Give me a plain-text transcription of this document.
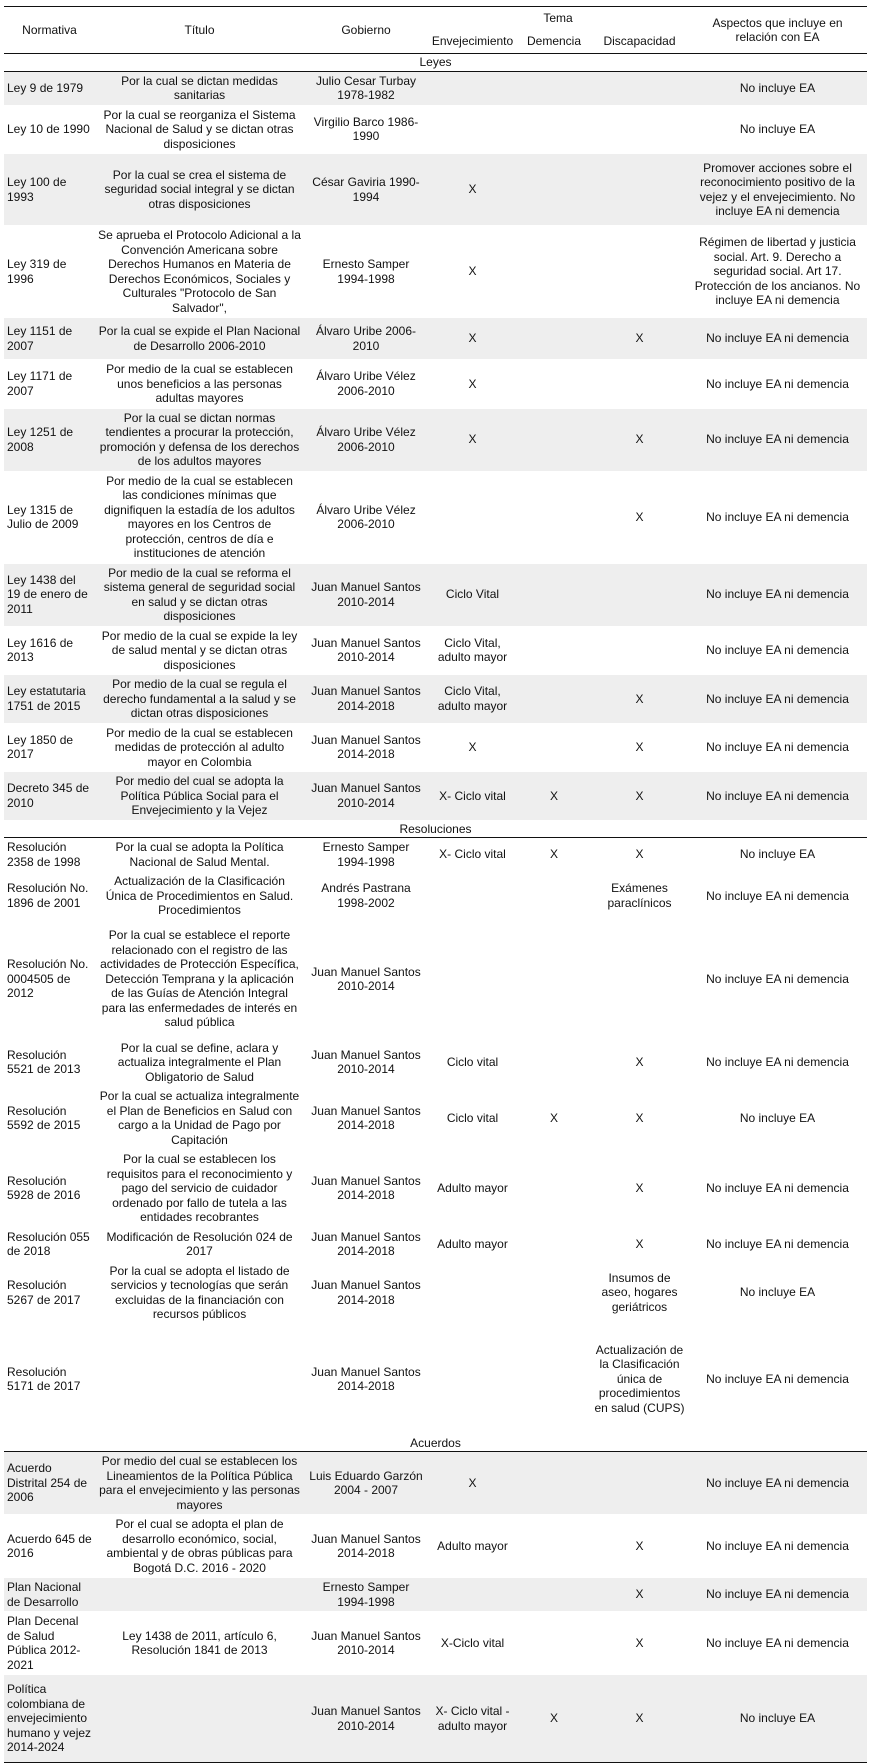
Normativa	Título	Gobierno	Tema			Aspectos que incluye en relación con EA
			Envejecimiento	Demencia	Discapacidad	
Leyes						
Ley 9 de 1979	Por la cual se dictan medidas sanitarias	Julio Cesar Turbay 1978-1982				No incluye EA
Ley 10 de 1990	Por la cual se reorganiza el Sistema Nacional de Salud y se dictan otras disposiciones	Virgilio Barco 1986-1990				No incluye EA
Ley 100 de 1993	Por la cual se crea el sistema de seguridad social integral y se dictan otras disposiciones	César Gaviria 1990-1994	X			Promover acciones sobre el reconocimiento positivo de la vejez y el envejecimiento. No incluye EA ni demencia
Ley 319 de 1996	Se aprueba el Protocolo Adicional a la Convención Americana sobre Derechos Humanos en Materia de Derechos Económicos, Sociales y Culturales "Protocolo de San Salvador",	Ernesto Samper 1994-1998	X			Régimen de libertad y justicia social. Art. 9. Derecho a seguridad social. Art 17. Protección de los ancianos. No incluye EA ni demencia
Ley 1151 de 2007	Por la cual se expide el Plan Nacional de Desarrollo 2006-2010	Álvaro Uribe 2006-2010	X		X	No incluye EA ni demencia
Ley 1171 de 2007	Por medio de la cual se establecen unos beneficios a las personas adultas mayores	Álvaro Uribe Vélez 2006-2010	X			No incluye EA ni demencia
Ley 1251 de 2008	Por la cual se dictan normas tendientes a procurar la protección, promoción y defensa de los derechos de los adultos mayores	Álvaro Uribe Vélez 2006-2010	X		X	No incluye EA ni demencia
Ley 1315 de Julio de 2009	Por medio de la cual se establecen las condiciones mínimas que dignifiquen la estadía de los adultos mayores en los Centros de protección, centros de día e instituciones de atención	Álvaro Uribe Vélez 2006-2010			X	No incluye EA ni demencia
Ley 1438 del 19 de enero de 2011	Por medio de la cual se reforma el sistema general de seguridad social en salud y se dictan otras disposiciones	Juan Manuel Santos 2010-2014	Ciclo Vital			No incluye EA ni demencia
Ley 1616 de 2013	Por medio de la cual se expide la ley de salud mental y se dictan otras disposiciones	Juan Manuel Santos 2010-2014	Ciclo Vital, adulto mayor			No incluye EA ni demencia
Ley estatutaria 1751 de 2015	Por medio de la cual se regula el derecho fundamental a la salud y se dictan otras disposiciones	Juan Manuel Santos 2014-2018	Ciclo Vital, adulto mayor		X	No incluye EA ni demencia
Ley 1850 de 2017	Por medio de la cual se establecen medidas de protección al adulto mayor en Colombia	Juan Manuel Santos 2014-2018	X		X	No incluye EA ni demencia
Decreto 345 de 2010	Por medio del cual se adopta la Política Pública Social para el Envejecimiento y la Vejez	Juan Manuel Santos 2010-2014	X- Ciclo vital	X	X	No incluye EA ni demencia
Resoluciones						
Resolución 2358 de 1998	Por la cual se adopta la Política Nacional de Salud Mental.	Ernesto Samper 1994-1998	X- Ciclo vital	X	X	No incluye EA
Resolución No. 1896 de 2001	Actualización de la Clasificación Única de Procedimientos en Salud. Procedimientos	Andrés Pastrana 1998-2002			Exámenes paraclínicos	No incluye EA ni demencia
Resolución No. 0004505 de 2012	Por la cual se establece el reporte relacionado con el registro de las actividades de Protección Específica, Detección Temprana y la aplicación de las Guías de Atención Integral para las enfermedades de interés en salud pública	Juan Manuel Santos 2010-2014				No incluye EA ni demencia
Resolución 5521 de 2013	Por la cual se define, aclara y actualiza integralmente el Plan Obligatorio de Salud	Juan Manuel Santos 2010-2014	Ciclo vital		X	No incluye EA ni demencia
Resolución 5592 de 2015	Por la cual se actualiza integralmente el Plan de Beneficios en Salud con cargo a la Unidad de Pago por Capitación	Juan Manuel Santos 2014-2018	Ciclo vital	X	X	No incluye EA
Resolución 5928 de 2016	Por la cual se establecen los requisitos para el reconocimiento y pago del servicio de cuidador ordenado por fallo de tutela a las entidades recobrantes	Juan Manuel Santos 2014-2018	Adulto mayor		X	No incluye EA ni demencia
Resolución 055 de 2018	Modificación de Resolución 024 de 2017	Juan Manuel Santos 2014-2018	Adulto mayor		X	No incluye EA ni demencia
Resolución 5267 de 2017	Por la cual se adopta el listado de servicios y tecnologías que serán excluidas de la financiación con recursos públicos	Juan Manuel Santos 2014-2018			Insumos de aseo, hogares geriátricos	No incluye EA
Resolución 5171 de 2017		Juan Manuel Santos 2014-2018			Actualización de la Clasificación única de procedimientos en salud (CUPS)	No incluye EA ni demencia
Acuerdos						
Acuerdo Distrital 254 de 2006	Por medio del cual se establecen los Lineamientos de la Política Pública para el envejecimiento y las personas mayores	Luis Eduardo Garzón 2004 - 2007	X			No incluye EA ni demencia
Acuerdo 645 de 2016	Por el cual se adopta el plan de desarrollo económico, social, ambiental y de obras públicas para Bogotá D.C. 2016 - 2020	Juan Manuel Santos 2014-2018	Adulto mayor		X	No incluye EA ni demencia
Plan Nacional de Desarrollo		Ernesto Samper 1994-1998			X	No incluye EA ni demencia
Plan Decenal de Salud Pública 2012-2021	Ley 1438 de 2011, artículo 6, Resolución 1841 de 2013	Juan Manuel Santos 2010-2014	X-Ciclo vital		X	No incluye EA ni demencia
Política colombiana de envejecimiento humano y vejez 2014-2024		Juan Manuel Santos 2010-2014	X- Ciclo vital - adulto mayor	X	X	No incluye EA
